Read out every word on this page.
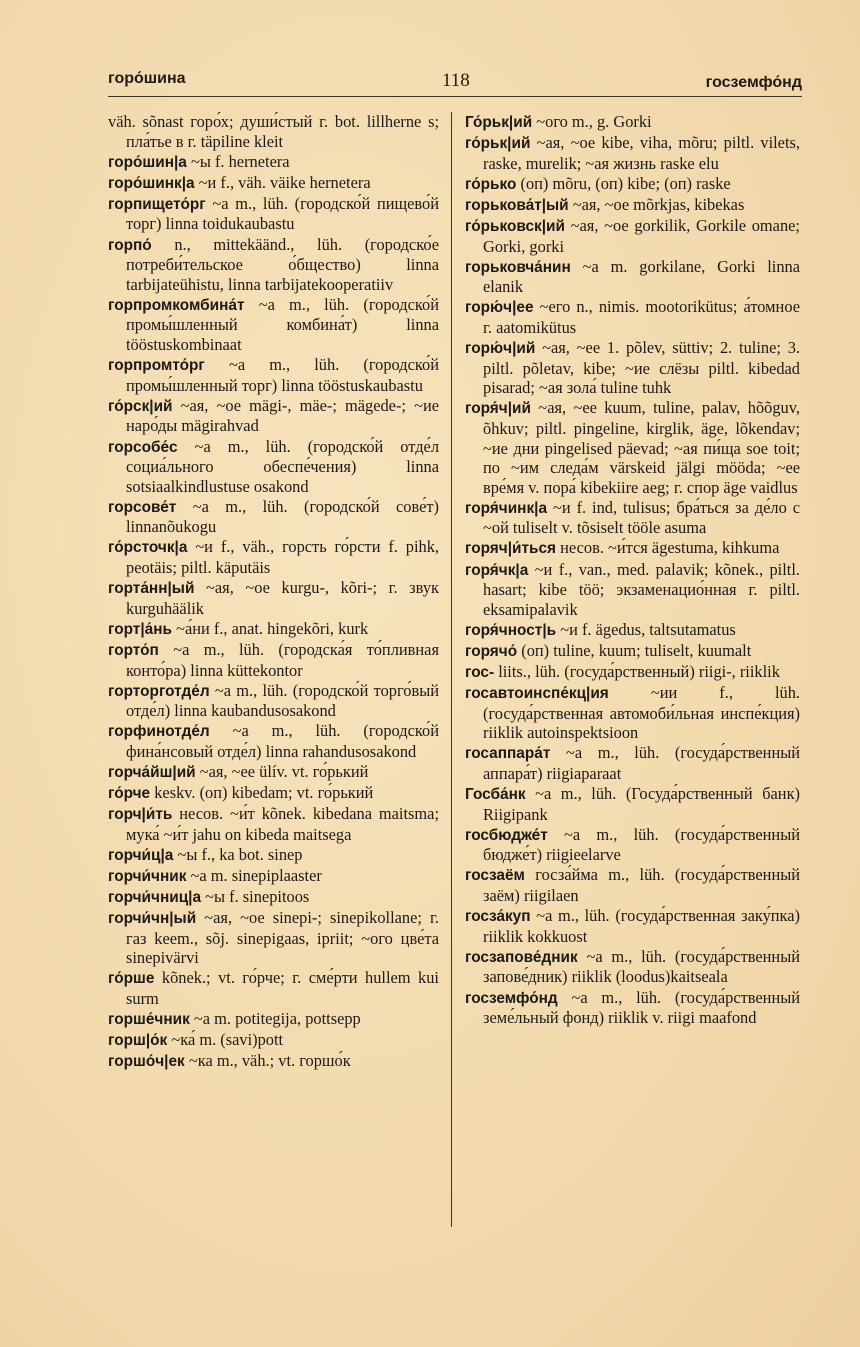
горо́шина	118	госземфо́нд

väh. sõnast горо́х; души́стый г. bot. lillherne s; пла́тье в г. täpiline kleit

горо́шин|а ~ы f. hernetera

горо́шинк|а ~и f., väh. väike hernetera

горпището́рг ~а m., lüh. (городско́й пищево́й торг) linna toidukaubastu

горпо́ n., mittekäänd., lüh. (городско́е потреби́тельское о́бщество) linna tarbijateühistu, linna tarbijatekooperatiiv

горпромкомбина́т ~а m., lüh. (городско́й промы́шленный комбина́т) linna tööstuskombinaat

горпромто́рг ~а m., lüh. (городско́й промы́шленный торг) linna tööstuskaubastu

го́рск|ий ~ая, ~ое mägi-, mäe-; mägede-; ~ие наро́ды mägirahvad

горсобе́с ~а m., lüh. (городско́й отде́л социа́льного обеспе́чения) linna sotsiaalkindlustuse osakond

горсове́т ~а m., lüh. (городско́й сове́т) linnanõukogu

го́рсточк|а ~и f., väh., горсть го́рсти f. pihk, peotäis; piltl. käputäis

горта́нн|ый ~ая, ~ое kurgu-, kõri-; г. звук kurguhäälik

горт|а́нь ~а́ни f., anat. hingekõri, kurk

горто́п ~а m., lüh. (городска́я то́пливная конто́ра) linna küttekontor

горторготде́л ~а m., lüh. (городско́й торго́вый отде́л) linna kaubandusosakond

горфинотде́л ~а m., lüh. (городско́й фина́нсовый отде́л) linna rahandusosakond

горча́йш|ий ~ая, ~ее ülív. vt. го́рький

го́рче keskv. (оп) kibedam; vt. го́рький

горч|и́ть несов. ~и́т kõnek. kibedana maitsma; мука́ ~и́т jahu on kibeda maitsega

горчи́ц|а ~ы f., ka bot. sinep

горчи́чник ~а m. sinepiplaaster

горчи́чниц|а ~ы f. sinepitoos

горчи́чн|ый ~ая, ~ое sinepi-; sinepikollane; г. газ keem., sõj. sinepigaas, ipriit; ~ого цве́та sinepivärvi

го́рше kõnek.; vt. го́рче; г. сме́рти hullem kui surm

горше́чник ~а m. potitegija, pottsepp

горш|о́к ~ка́ m. (savi)pott

горшо́ч|ек ~ка m., väh.; vt. горшо́к

Го́рьк|ий ~ого m., g. Gorki

го́рьк|ий ~ая, ~ое kibe, viha, mõru; piltl. vilets, raske, murelik; ~ая жизнь raske elu

го́рько (оп) mõru, (оп) kibe; (оп) raske

горькова́т|ый ~ая, ~ое mõrkjas, kibekas

го́рьковск|ий ~ая, ~ое gorkilik, Gorkile omane; Gorki, gorki

горьковча́нин ~а m. gorkilane, Gorki linna elanik

горю́ч|ее ~его n., nimis. mootorikütus; а́томное г. aatomikütus

горю́ч|ий ~ая, ~ее 1. põlev, süttiv; 2. tuline; 3. piltl. põletav, kibe; ~ие слёзы piltl. kibedad pisarad; ~ая зола́ tuline tuhk

горя́ч|ий ~ая, ~ее kuum, tuline, palav, hõõguv, õhkuv; piltl. pingeline, kirglik, äge, lõkendav; ~ие дни pingelised päevad; ~ая пи́ща soe toit; по ~им следа́м värskeid jälgi mööda; ~ее вре́мя v. пора́ kibekiire aeg; г. спор äge vaidlus

горя́чинк|а ~и f. ind, tulisus; бра́ться за де́ло с ~ой tuliselt v. tõsiselt tööle asuma

горяч|и́ться несов. ~и́тся ägestuma, kihkuma

горя́чк|а ~и f., van., med. palavik; kõnek., piltl. hasart; kibe töö; экзаменацио́нная г. piltl. eksamipalavik

горя́чност|ь ~и f. ägedus, taltsutamatus

горячо́ (оп) tuline, kuum; tuliselt, kuumalt

гос- liits., lüh. (госуда́рственный) riigi-, riiklik

госавтоинспе́кц|ия	~ии f., lüh. (госуда́рственная автомоби́льная инспе́кция) riiklik autoinspektsioon

госаппара́т ~а m., lüh. (госуда́рственный аппара́т) riigiaparaat

Госба́нк ~а m., lüh. (Госуда́рственный банк) Riigipank

госбюдже́т ~а m., lüh. (госуда́рственный бюдже́т) riigieelarve

госзаём госза́йма m., lüh. (госуда́рственный заём) riigilaen

госза́куп ~а m., lüh. (госуда́рственная заку́пка) riiklik kokkuost

госзапове́дник ~а m., lüh. (госуда́рственный запове́дник) riiklik (loodus)kaitseala

госземфо́нд ~а m., lüh. (госуда́рственный земе́льный фонд) riiklik v. riigi maafond
